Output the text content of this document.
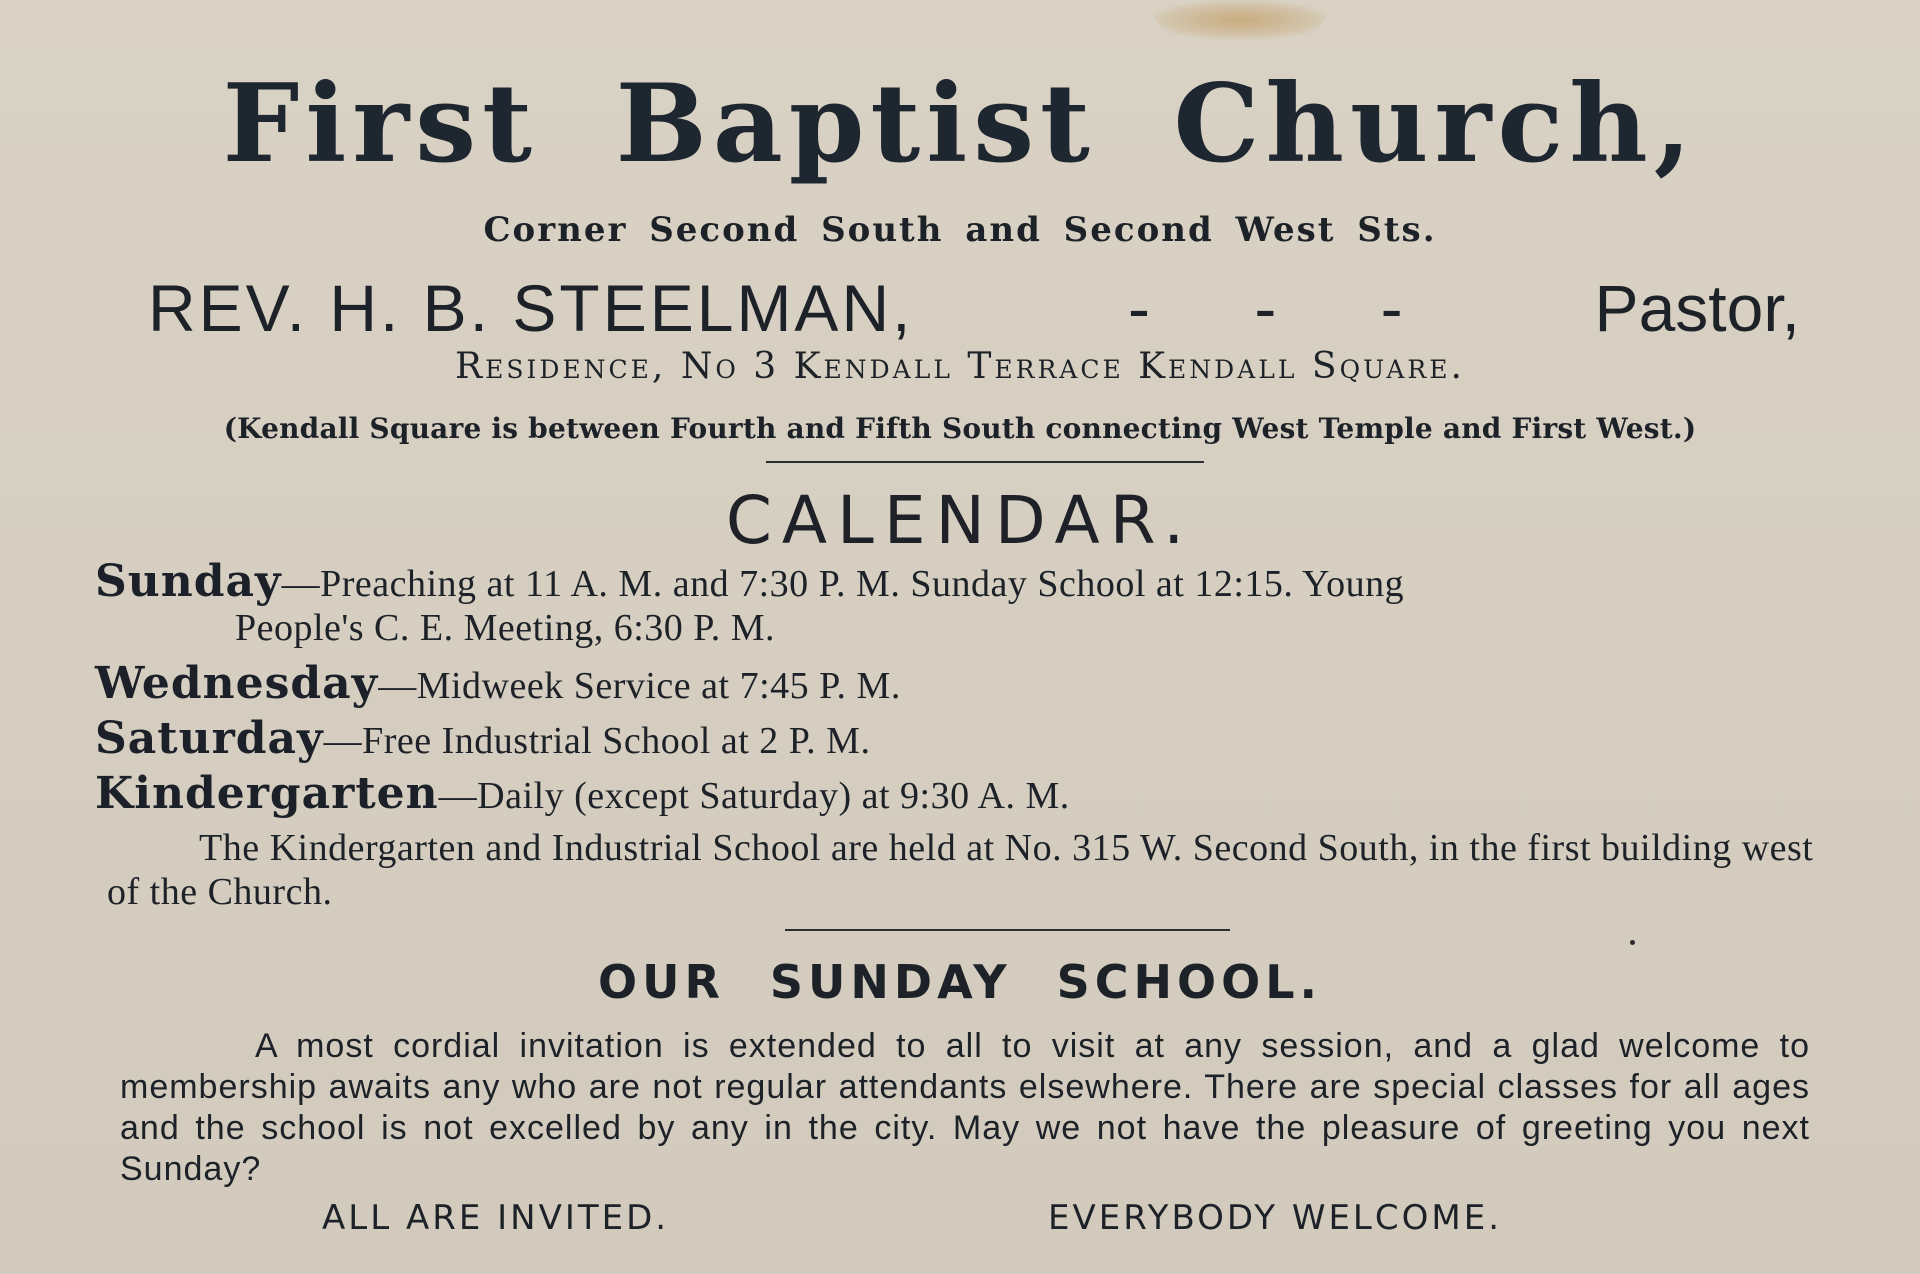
First Baptist Church,
Corner Second South and Second West Sts.
REV. H. B. STEELMAN,	- - -	Pastor,
Residence, No 3 Kendall Terrace Kendall Square.
(Kendall Square is between Fourth and Fifth South connecting West Temple and First West.)
CALENDAR.
Sunday—Preaching at 11 A. M. and 7:30 P. M. Sunday School at 12:15. Young
People's C. E. Meeting, 6:30 P. M.
Wednesday—Midweek Service at 7:45 P. M.
Saturday—Free Industrial School at 2 P. M.
Kindergarten—Daily (except Saturday) at 9:30 A. M.
The Kindergarten and Industrial School are held at No. 315 W. Second South, in the first building west of the Church.
OUR SUNDAY SCHOOL.
A most cordial invitation is extended to all to visit at any session, and a glad welcome to membership awaits any who are not regular attendants elsewhere. There are special classes for all ages and the school is not excelled by any in the city. May we not have the pleasure of greeting you next Sunday?
ALL ARE INVITED.	EVERYBODY WELCOME.
